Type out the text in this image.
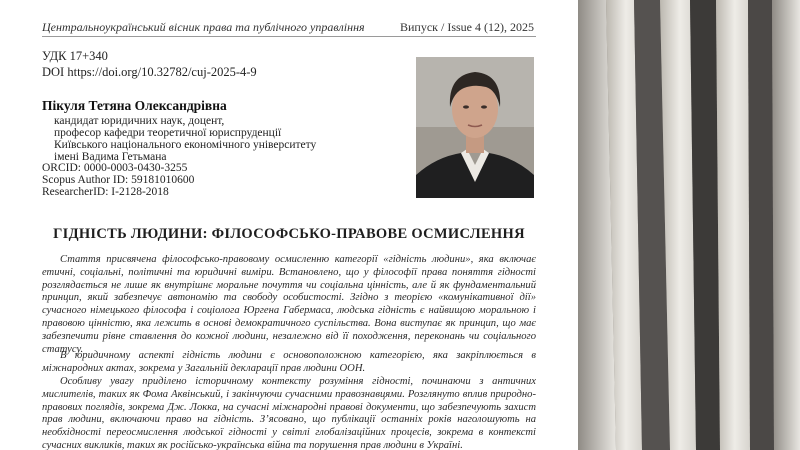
Центральноукраїнський вісник права та публічного управління	Випуск / Issue 4 (12), 2025
УДК 17+340
DOI https://doi.org/10.32782/cuj-2025-4-9
Пікуля Тетяна Олександрівна
кандидат юридичних наук, доцент,
професор кафедри теоретичної юриспруденції
Київського національного економічного університету
імені Вадима Гетьмана
ORCID: 0000-0003-0430-3255
Scopus Author ID: 59181010600
ResearcherID: I-2128-2018
ГІДНІСТЬ ЛЮДИНИ: ФІЛОСОФСЬКО-ПРАВОВЕ ОСМИСЛЕННЯ

Стаття присвячена філософсько-правовому осмисленню категорії «гідність людини», яка включає етичні, соціальні, політичні та юридичні виміри. Встановлено, що у філософії права поняття гідності розглядається не лише як внутрішнє моральне почуття чи соціальна цінність, але й як фундаментальний принцип, який забезпечує автономію та свободу особистості. Згідно з теорією «комунікативної дії» сучасного німецького філософа і соціолога Юргена Габермаса, людська гідність є найвищою моральною і правовою цінністю, яка лежить в основі демократичного суспільства. Вона виступає як принцип, що має забезпечити рівне ставлення до кожної людини, незалежно від її походження, переконань чи соціального статусу.

В юридичному аспекті гідність людини є основоположною категорією, яка закріплюється в міжнародних актах, зокрема у Загальній декларації прав людини ООН.

Особливу увагу приділено історичному контексту розуміння гідності, починаючи з античних мислителів, таких як Фома Аквінський, і закінчуючи сучасними правознавцями. Розглянуто вплив природно-правових поглядів, зокрема Дж. Локка, на сучасні міжнародні правові документи, що забезпечують захист прав людини, включаючи право на гідність. З’ясовано, що публікації останніх років наголошують на необхідності переосмислення людської гідності у світлі глобалізаційних процесів, зокрема в контексті сучасних викликів, таких як російсько-українська війна та порушення прав людини в Україні.
